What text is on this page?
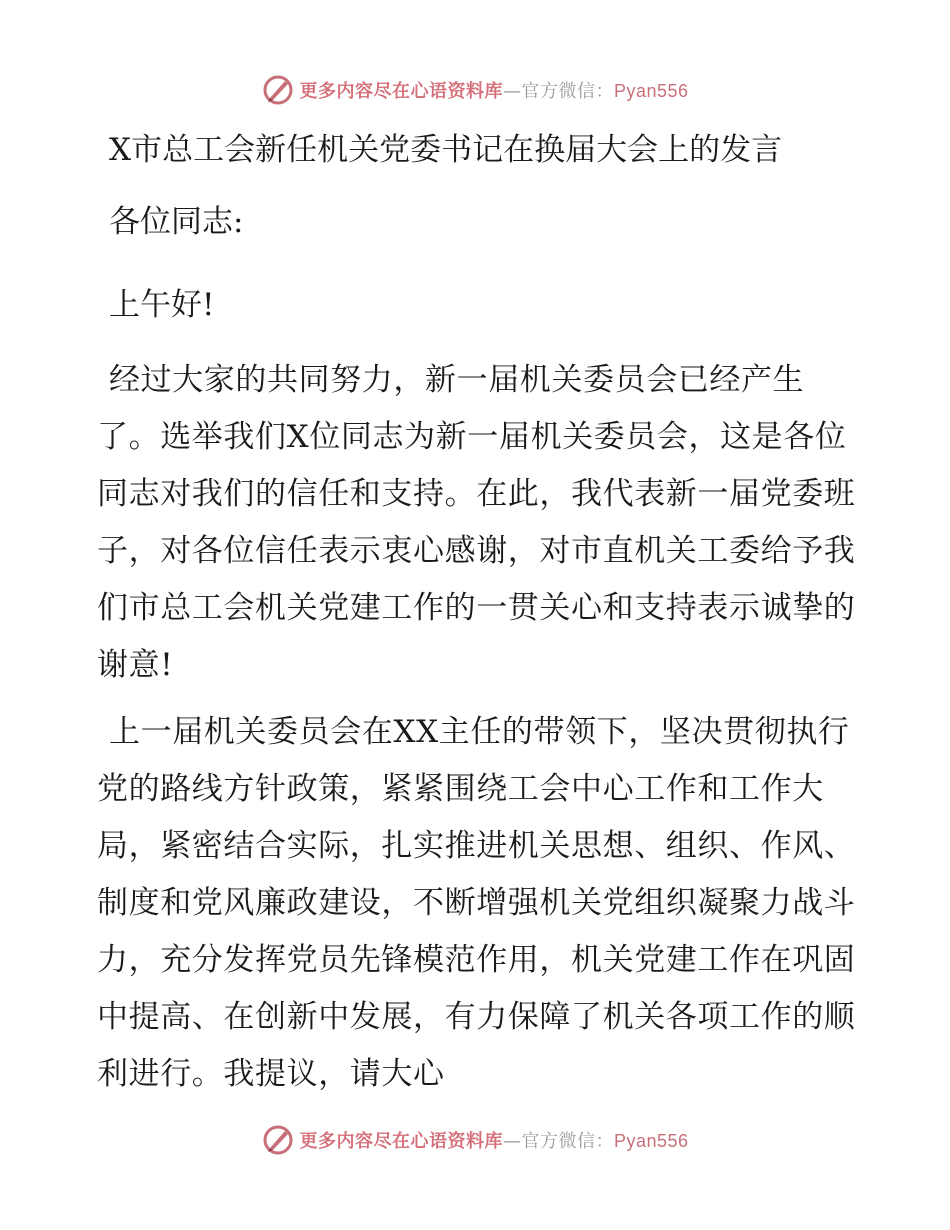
更多内容尽在心语资料库—官方微信：Pyan556

X市总工会新任机关党委书记在换届大会上的发言

各位同志:

上午好!

经过大家的共同努力，新一届机关委员会已经产生了。选举我们X位同志为新一届机关委员会，这是各位同志对我们的信任和支持。在此，我代表新一届党委班子，对各位信任表示衷心感谢，对市直机关工委给予我们市总工会机关党建工作的一贯关心和支持表示诚挚的谢意!

上一届机关委员会在XX主任的带领下，坚决贯彻执行党的路线方针政策，紧紧围绕工会中心工作和工作大局，紧密结合实际，扎实推进机关思想、组织、作风、制度和党风廉政建设，不断增强机关党组织凝聚力战斗力，充分发挥党员先锋模范作用，机关党建工作在巩固中提高、在创新中发展，有力保障了机关各项工作的顺利进行。我提议，请大心

更多内容尽在心语资料库—官方微信：Pyan556
